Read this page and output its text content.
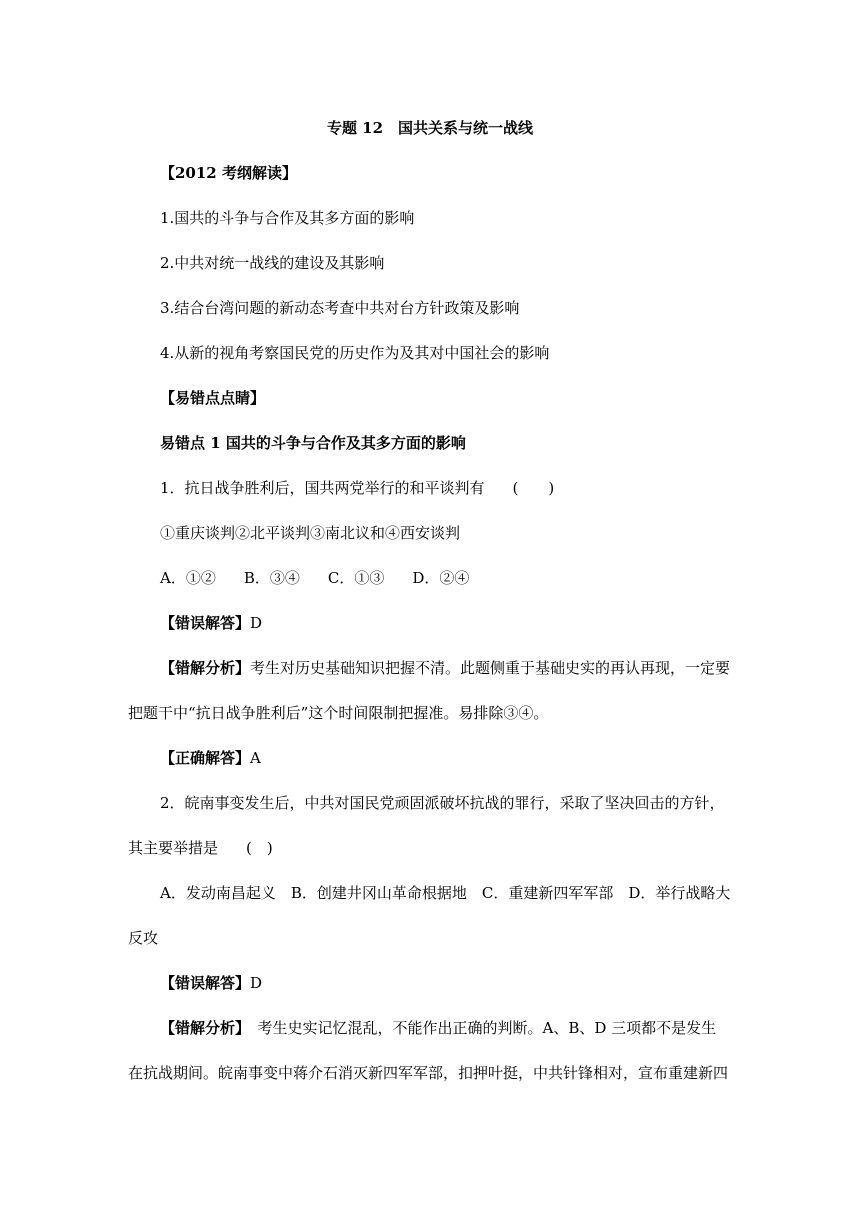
专题 12　国共关系与统一战线
【2012 考纲解读】
1.国共的斗争与合作及其多方面的影响
2.中共对统一战线的建设及其影响
3.结合台湾问题的新动态考查中共对台方针政策及影响
4.从新的视角考察国民党的历史作为及其对中国社会的影响
【易错点点睛】
易错点 1 国共的斗争与合作及其多方面的影响
1．抗日战争胜利后，国共两党举行的和平谈判有 (　　)
①重庆谈判②北平谈判③南北议和④西安谈判
A．①② B．③④ C．①③ D．②④
【错误解答】D
【错解分析】考生对历史基础知识把握不清。此题侧重于基础史实的再认再现，一定要
把题干中“抗日战争胜利后”这个时间限制把握准。易排除③④。
【正确解答】A
2．皖南事变发生后，中共对国民党顽固派破坏抗战的罪行，采取了坚决回击的方针，
其主要举措是 (　)
A．发动南昌起义　B．创建井冈山革命根据地　C．重建新四军军部　D．举行战略大
反攻
【错误解答】D
【错解分析】　考生史实记忆混乱，不能作出正确的判断。A、B、D 三项都不是发生
在抗战期间。皖南事变中蒋介石消灭新四军军部，扣押叶挺，中共针锋相对，宣布重建新四
